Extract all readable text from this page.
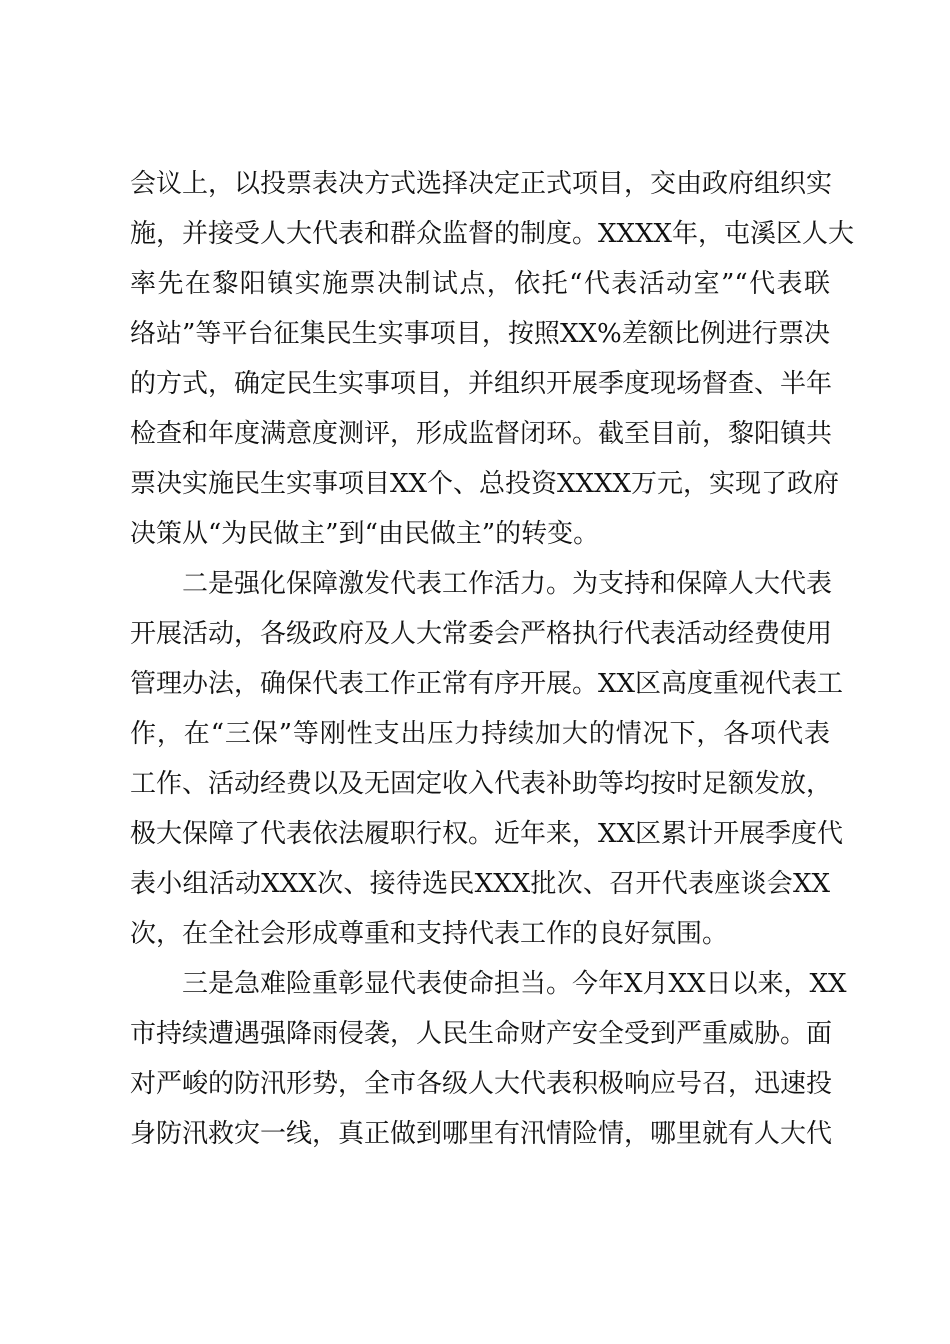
会议上，以投票表决方式选择决定正式项目，交由政府组织实
施，并接受人大代表和群众监督的制度。XXXX年，屯溪区人大
率先在黎阳镇实施票决制试点，依托“代表活动室”“代表联
络站”等平台征集民生实事项目，按照XX%差额比例进行票决
的方式，确定民生实事项目，并组织开展季度现场督查、半年
检查和年度满意度测评，形成监督闭环。截至目前，黎阳镇共
票决实施民生实事项目XX个、总投资XXXX万元，实现了政府
决策从“为民做主”到“由民做主”的转变。
　　二是强化保障激发代表工作活力。为支持和保障人大代表
开展活动，各级政府及人大常委会严格执行代表活动经费使用
管理办法，确保代表工作正常有序开展。XX区高度重视代表工
作，在“三保”等刚性支出压力持续加大的情况下，各项代表
工作、活动经费以及无固定收入代表补助等均按时足额发放，
极大保障了代表依法履职行权。近年来，XX区累计开展季度代
表小组活动XXX次、接待选民XXX批次、召开代表座谈会XX
次，在全社会形成尊重和支持代表工作的良好氛围。
　　三是急难险重彰显代表使命担当。今年X月XX日以来，XX
市持续遭遇强降雨侵袭，人民生命财产安全受到严重威胁。面
对严峻的防汛形势，全市各级人大代表积极响应号召，迅速投
身防汛救灾一线，真正做到哪里有汛情险情，哪里就有人大代
